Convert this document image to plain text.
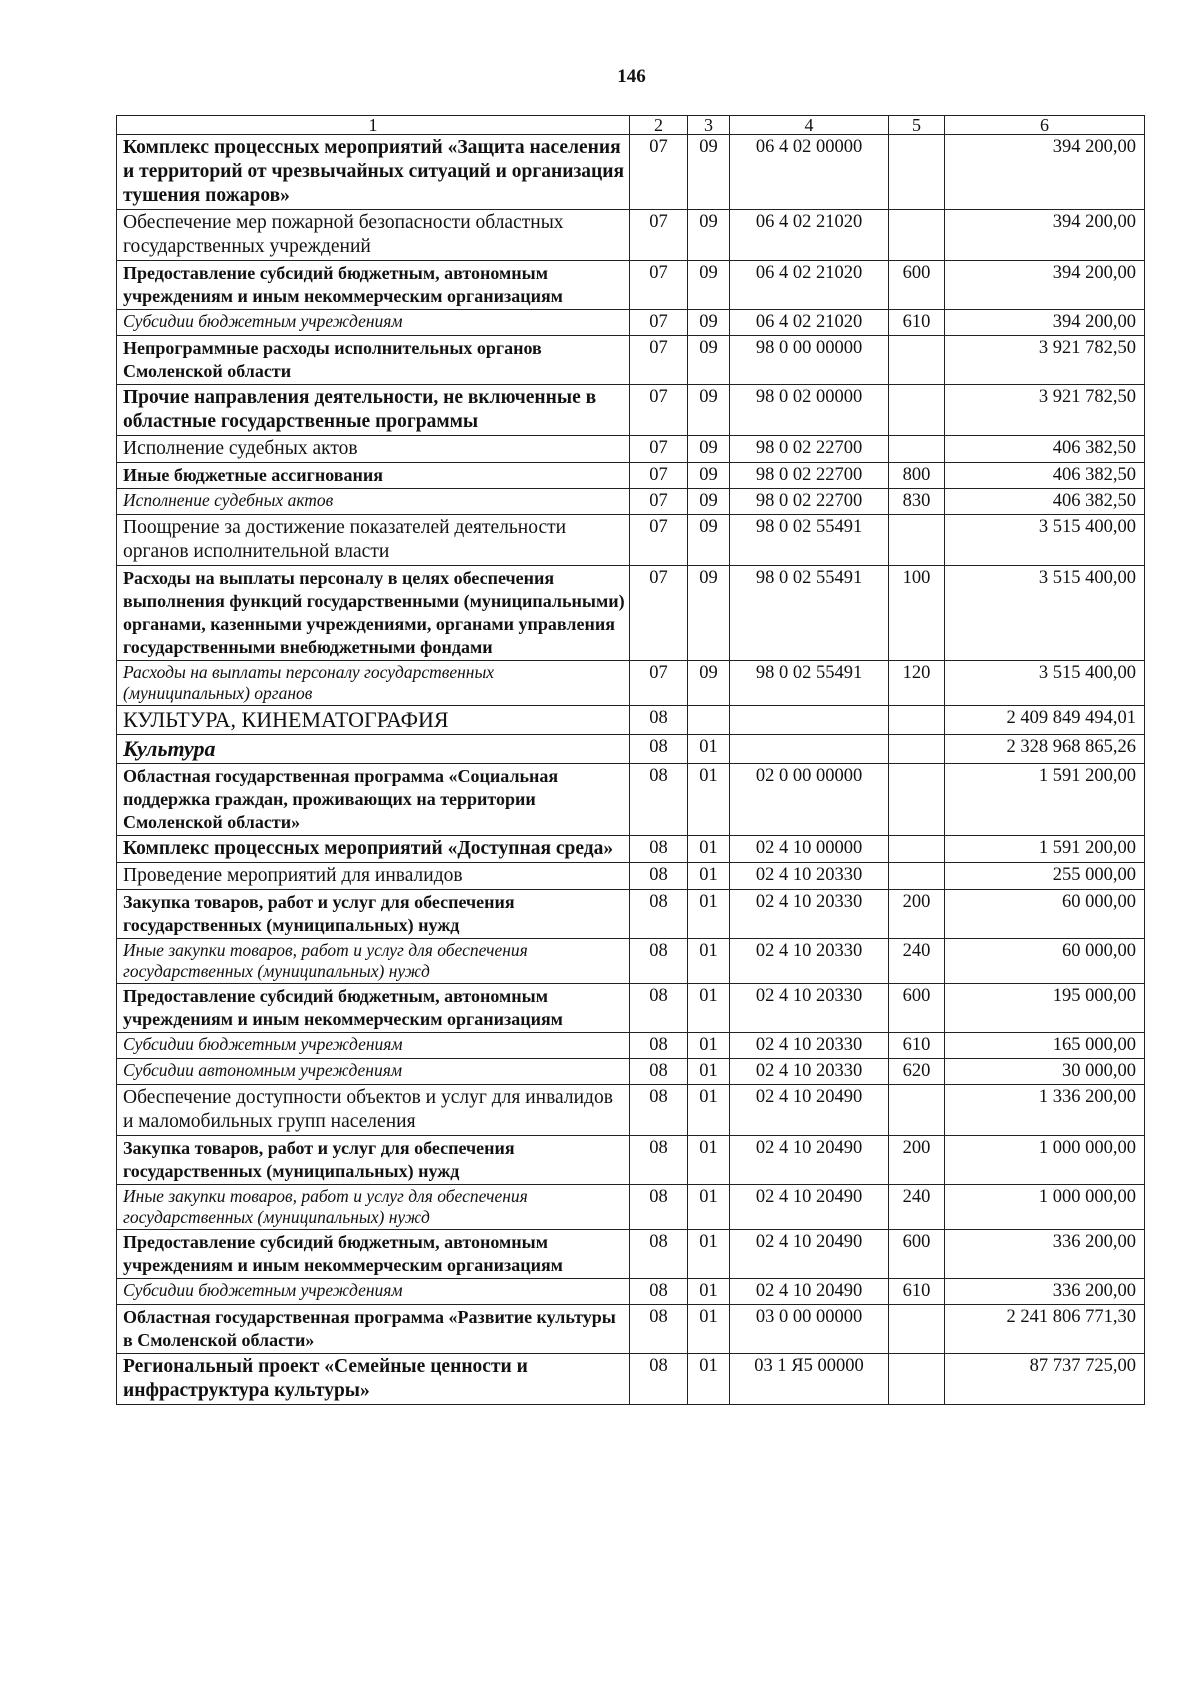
146
1	2	3	4	5	6
Комплекс процессных мероприятий «Защита населения и территорий от чрезвычайных ситуаций и организация тушения пожаров»	07	09	06 4 02 00000		394 200,00
Обеспечение мер пожарной безопасности областных государственных учреждений	07	09	06 4 02 21020		394 200,00
Предоставление субсидий бюджетным, автономным учреждениям и иным некоммерческим организациям	07	09	06 4 02 21020	600	394 200,00
Субсидии бюджетным учреждениям	07	09	06 4 02 21020	610	394 200,00
Непрограммные расходы исполнительных органов Смоленской области	07	09	98 0 00 00000		3 921 782,50
Прочие направления деятельности, не включенные в областные государственные программы	07	09	98 0 02 00000		3 921 782,50
Исполнение судебных актов	07	09	98 0 02 22700		406 382,50
Иные бюджетные ассигнования	07	09	98 0 02 22700	800	406 382,50
Исполнение судебных актов	07	09	98 0 02 22700	830	406 382,50
Поощрение за достижение показателей деятельности органов исполнительной власти	07	09	98 0 02 55491		3 515 400,00
Расходы на выплаты персоналу в целях обеспечения выполнения функций государственными (муниципальными) органами, казенными учреждениями, органами управления государственными внебюджетными фондами	07	09	98 0 02 55491	100	3 515 400,00
Расходы на выплаты персоналу государственных (муниципальных) органов	07	09	98 0 02 55491	120	3 515 400,00
КУЛЬТУРА, КИНЕМАТОГРАФИЯ	08				2 409 849 494,01
Культура	08	01			2 328 968 865,26
Областная государственная программа «Социальная поддержка граждан, проживающих на территории Смоленской области»	08	01	02 0 00 00000		1 591 200,00
Комплекс процессных мероприятий «Доступная среда»	08	01	02 4 10 00000		1 591 200,00
Проведение мероприятий для инвалидов	08	01	02 4 10 20330		255 000,00
Закупка товаров, работ и услуг для обеспечения государственных (муниципальных) нужд	08	01	02 4 10 20330	200	60 000,00
Иные закупки товаров, работ и услуг для обеспечения государственных (муниципальных) нужд	08	01	02 4 10 20330	240	60 000,00
Предоставление субсидий бюджетным, автономным учреждениям и иным некоммерческим организациям	08	01	02 4 10 20330	600	195 000,00
Субсидии бюджетным учреждениям	08	01	02 4 10 20330	610	165 000,00
Субсидии автономным учреждениям	08	01	02 4 10 20330	620	30 000,00
Обеспечение доступности объектов и услуг для инвалидов и маломобильных групп населения	08	01	02 4 10 20490		1 336 200,00
Закупка товаров, работ и услуг для обеспечения государственных (муниципальных) нужд	08	01	02 4 10 20490	200	1 000 000,00
Иные закупки товаров, работ и услуг для обеспечения государственных (муниципальных) нужд	08	01	02 4 10 20490	240	1 000 000,00
Предоставление субсидий бюджетным, автономным учреждениям и иным некоммерческим организациям	08	01	02 4 10 20490	600	336 200,00
Субсидии бюджетным учреждениям	08	01	02 4 10 20490	610	336 200,00
Областная государственная программа «Развитие культуры в Смоленской области»	08	01	03 0 00 00000		2 241 806 771,30
Региональный проект «Семейные ценности и инфраструктура культуры»	08	01	03 1 Я5 00000		87 737 725,00
